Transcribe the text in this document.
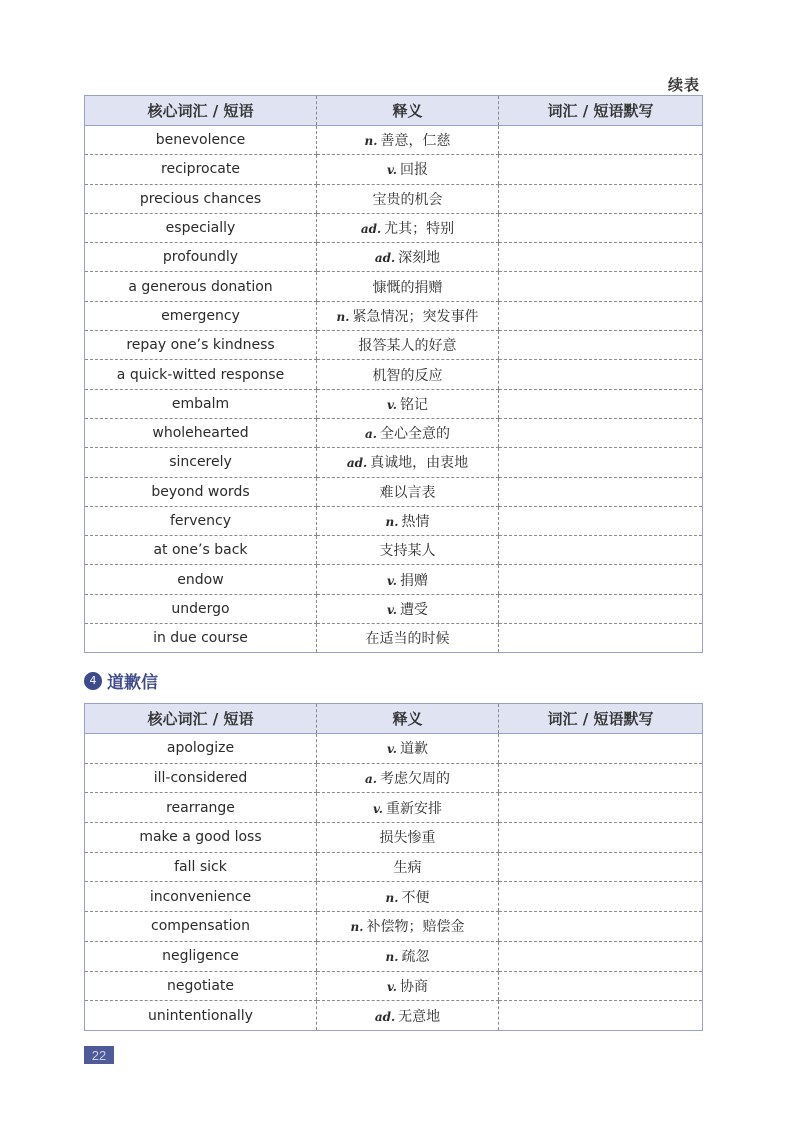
续表
核心词汇 / 短语	释义	词汇 / 短语默写
benevolence	n. 善意，仁慈	
reciprocate	v. 回报	
precious chances	宝贵的机会	
especially	ad. 尤其；特别	
profoundly	ad. 深刻地	
a generous donation	慷慨的捐赠	
emergency	n. 紧急情况；突发事件	
repay one’s kindness	报答某人的好意	
a quick-witted response	机智的反应	
embalm	v. 铭记	
wholehearted	a. 全心全意的	
sincerely	ad. 真诚地，由衷地	
beyond words	难以言表	
fervency	n. 热情	
at one’s back	支持某人	
endow	v. 捐赠	
undergo	v. 遭受	
in due course	在适当的时候	
4 道歉信
核心词汇 / 短语	释义	词汇 / 短语默写
apologize	v. 道歉	
ill-considered	a. 考虑欠周的	
rearrange	v. 重新安排	
make a good loss	损失惨重	
fall sick	生病	
inconvenience	n. 不便	
compensation	n. 补偿物；赔偿金	
negligence	n. 疏忽	
negotiate	v. 协商	
unintentionally	ad. 无意地	
22
